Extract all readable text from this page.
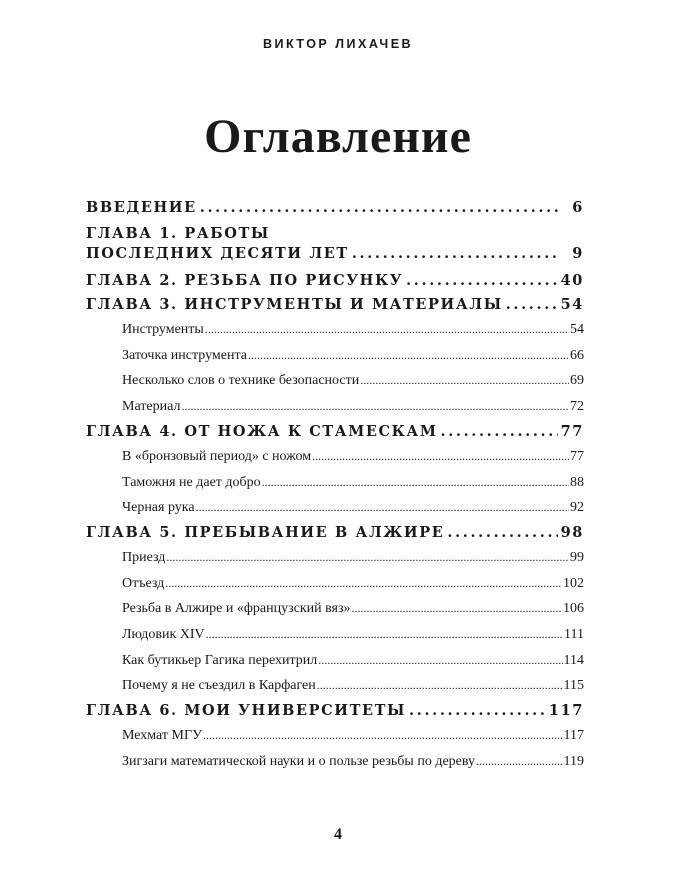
ВИКТОР ЛИХАЧЕВ
Оглавление
ВВЕДЕНИЕ . . .	6
ГЛАВА 1. РАБОТЫ
ПОСЛЕДНИХ ДЕСЯТИ ЛЕТ . . .	9
ГЛАВА 2. РЕЗЬБА ПО РИСУНКУ . . .	40
ГЛАВА 3. ИНСТРУМЕНТЫ И МАТЕРИАЛЫ . . .	54
Инструменты .....	54
Заточка инструмента .....	66
Несколько слов о технике безопасности .....	69
Материал .....	72
ГЛАВА 4. ОТ НОЖА К СТАМЕСКАМ . . .	77
В «бронзовый период» с ножом .....	77
Таможня не дает добро .....	88
Черная рука .....	92
ГЛАВА 5. ПРЕБЫВАНИЕ В АЛЖИРЕ . . .	98
Приезд .....	99
Отъезд .....	102
Резьба в Алжире и «французский вяз» .....	106
Людовик XIV .....	111
Как бутикьер Гагика перехитрил .....	114
Почему я не съездил в Карфаген .....	115
ГЛАВА 6. МОИ УНИВЕРСИТЕТЫ . . .	117
Мехмат МГУ .....	117
Зигзаги математической науки и о пользе резьбы по дереву .....	119
4
